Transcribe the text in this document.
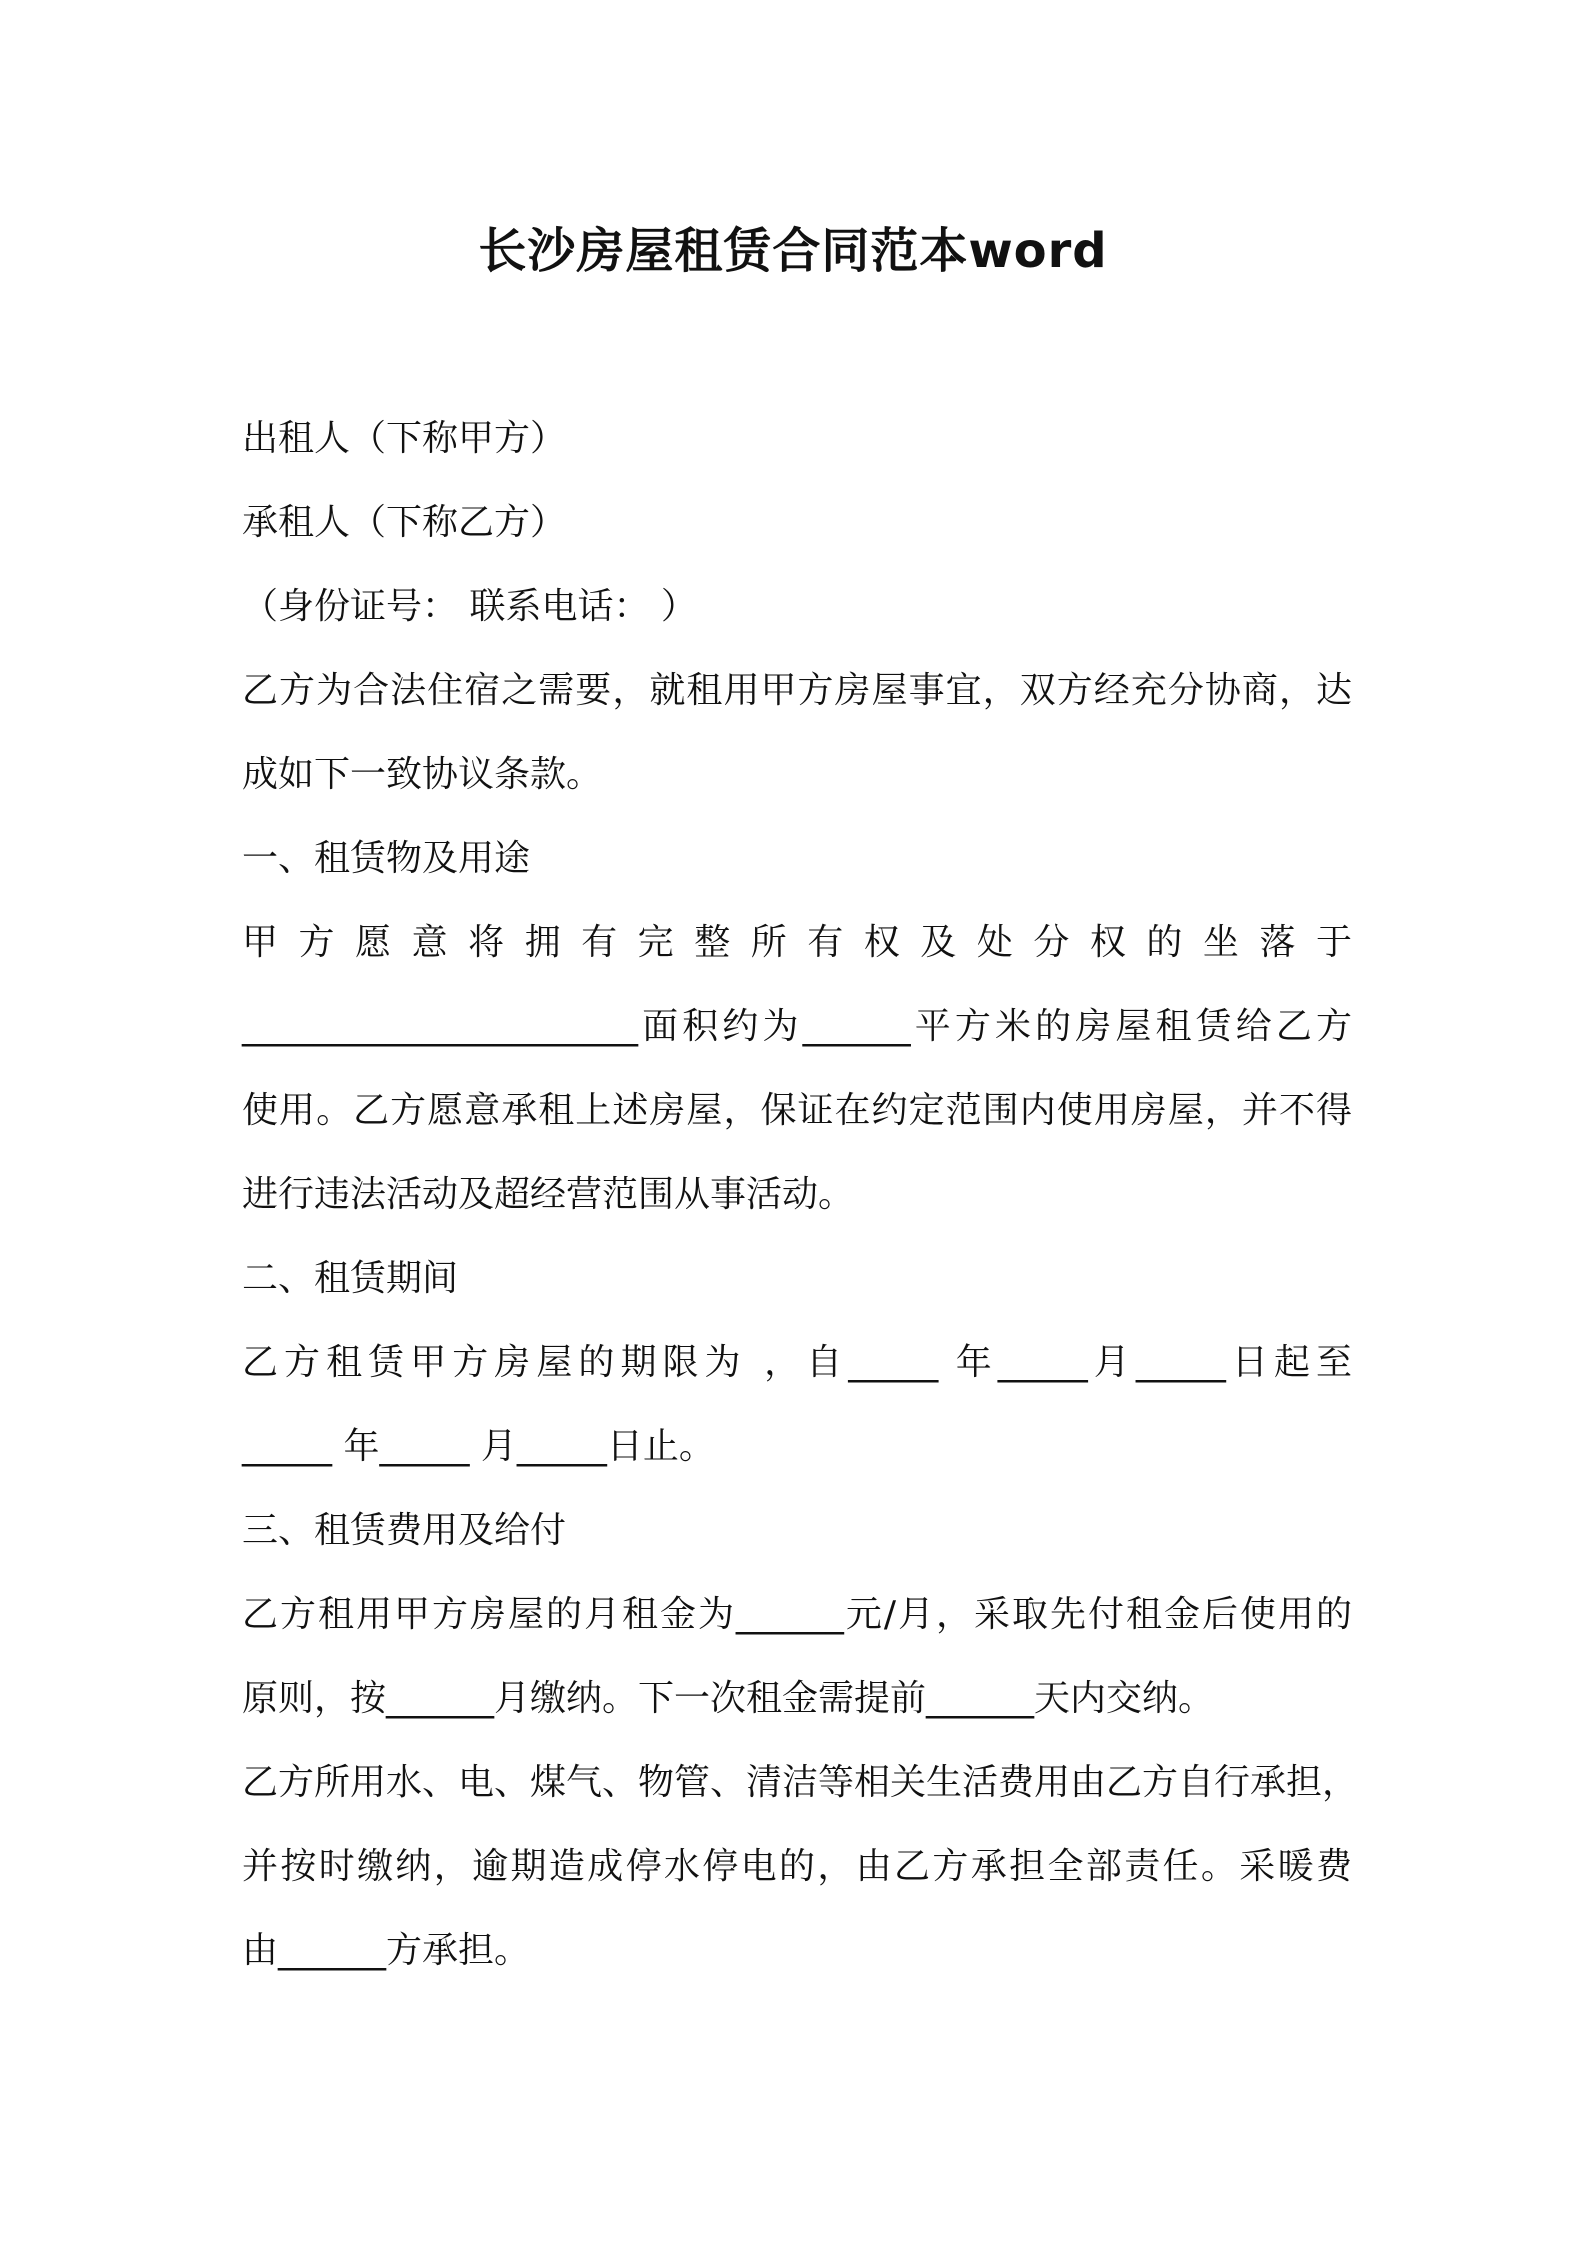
长沙房屋租赁合同范本word
出租人（下称甲方）
承租人（下称乙方）
（身份证号： 联系电话： ）
乙方为合法住宿之需要，就租用甲方房屋事宜，双方经充分协商，达
成如下一致协议条款。
一、租赁物及用途
甲 方 愿 意 将 拥 有 完 整 所 有 权 及 处 分 权 的 坐 落 于
______________________面积约为______平方米的房屋租赁给乙方
使用。乙方愿意承租上述房屋，保证在约定范围内使用房屋，并不得
进行违法活动及超经营范围从事活动。
二、租赁期间
乙方租赁甲方房屋的期限为 ，自_____ 年_____月_____日起至
_____ 年_____ 月_____日止。
三、租赁费用及给付
乙方租用甲方房屋的月租金为______元/月，采取先付租金后使用的
原则，按______月缴纳。下一次租金需提前______天内交纳。
乙方所用水、电、煤气、物管、清洁等相关生活费用由乙方自行承担，
并按时缴纳，逾期造成停水停电的，由乙方承担全部责任。采暖费
由______方承担。
